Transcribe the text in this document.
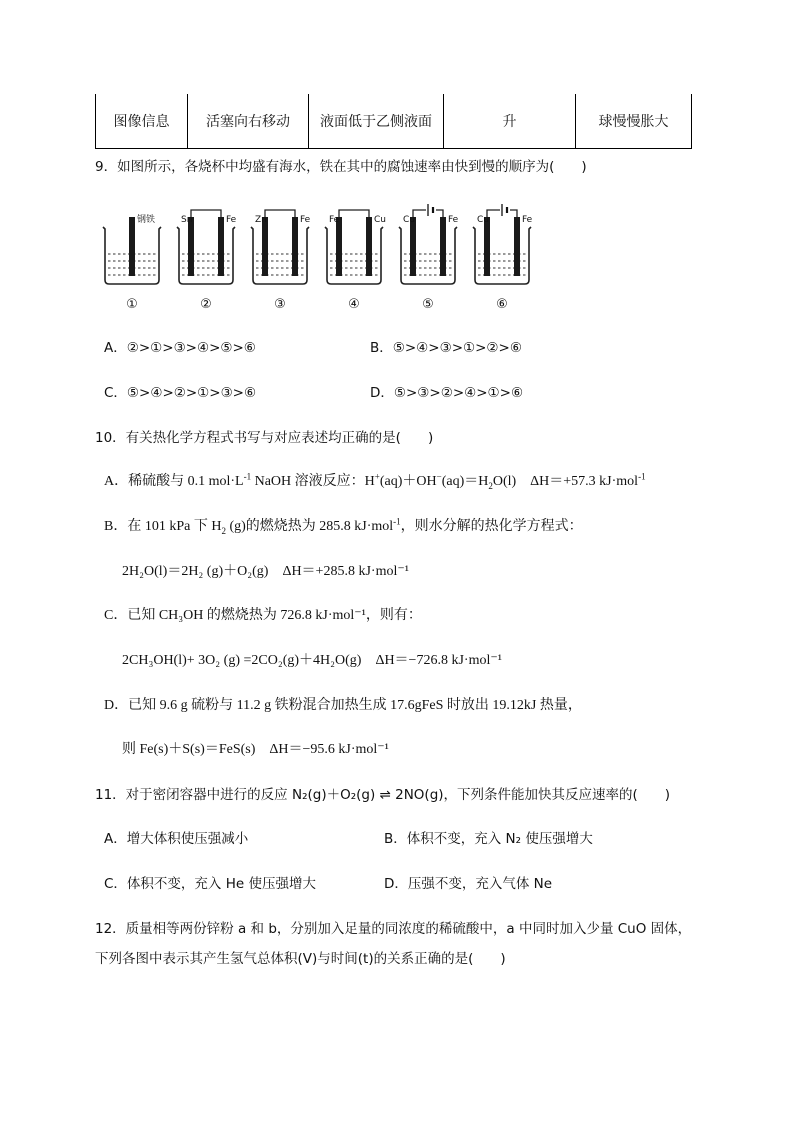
图像信息	活塞向右移动	液面低于乙侧液面	升	球慢慢胀大
9．如图所示，各烧杯中均盛有海水，铁在其中的腐蚀速率由快到慢的顺序为(　　)
钢铁
①
Sn	Fe
②
Zn	Fe
③
Fe	Cu
④
Cu	Fe
⑤
Cu	Fe
⑥
A．②>①>③>④>⑤>⑥	B．⑤>④>③>①>②>⑥
C．⑤>④>②>①>③>⑥	D．⑤>③>②>④>①>⑥
10．有关热化学方程式书写与对应表述均正确的是(　　)
A．稀硫酸与 0.1 $mol\cdot L^{-1}$ NaOH 溶液反应：$H^+(aq)+OH^-(aq)=H_2O(l)$　ΔH＝+57.3 kJ·mol$^{-1}$
B．在 101 kPa 下 $H_2$ (g)的燃烧热为 285.8 kJ·mol$^{-1}$，则水分解的热化学方程式：
2H₂O(l)＝2H₂ (g)＋O₂(g)　ΔH＝+285.8 kJ·mol⁻¹
C．已知 CH₃OH 的燃烧热为 726.8 kJ·mol⁻¹，则有：
2CH₃OH(l)+ 3O₂ (g) =2CO₂(g)＋4H₂O(g)　ΔH＝−726.8 kJ·mol⁻¹
D．已知 9.6 g 硫粉与 11.2 g 铁粉混合加热生成 17.6gFeS 时放出 19.12kJ 热量，
则 Fe(s)＋S(s)＝FeS(s)　ΔH＝−95.6 kJ·mol⁻¹
11．对于密闭容器中进行的反应 N₂(g)＋O₂(g) ⇌ 2NO(g)，下列条件能加快其反应速率的(　　)
A．增大体积使压强减小	B．体积不变，充入 N₂ 使压强增大
C．体积不变，充入 He 使压强增大	D．压强不变，充入气体 Ne
12．质量相等两份锌粉 a 和 b，分别加入足量的同浓度的稀硫酸中，a 中同时加入少量 CuO 固体，
下列各图中表示其产生氢气总体积(V)与时间(t)的关系正确的是(　　)
